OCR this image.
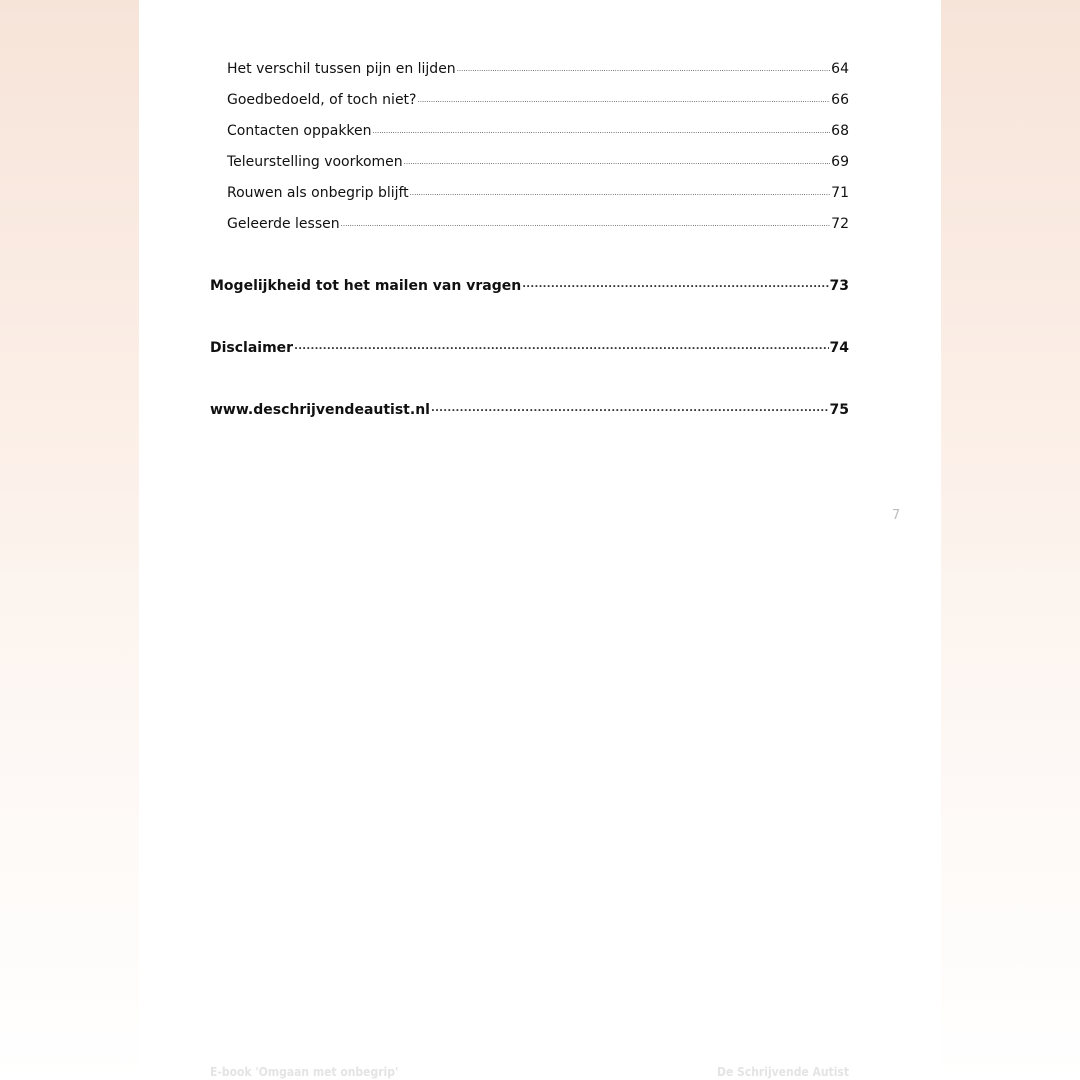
Het verschil tussen pijn en lijden .....	64
Goedbedoeld, of toch niet? .....	66
Contacten oppakken .....	68
Teleurstelling voorkomen .....	69
Rouwen als onbegrip blijft .....	71
Geleerde lessen .....	72
Mogelijkheid tot het mailen van vragen .....	73
Disclaimer .....	74
www.deschrijvendeautist.nl .....	75
7
E-book 'Omgaan met onbegrip'	De Schrijvende Autist
